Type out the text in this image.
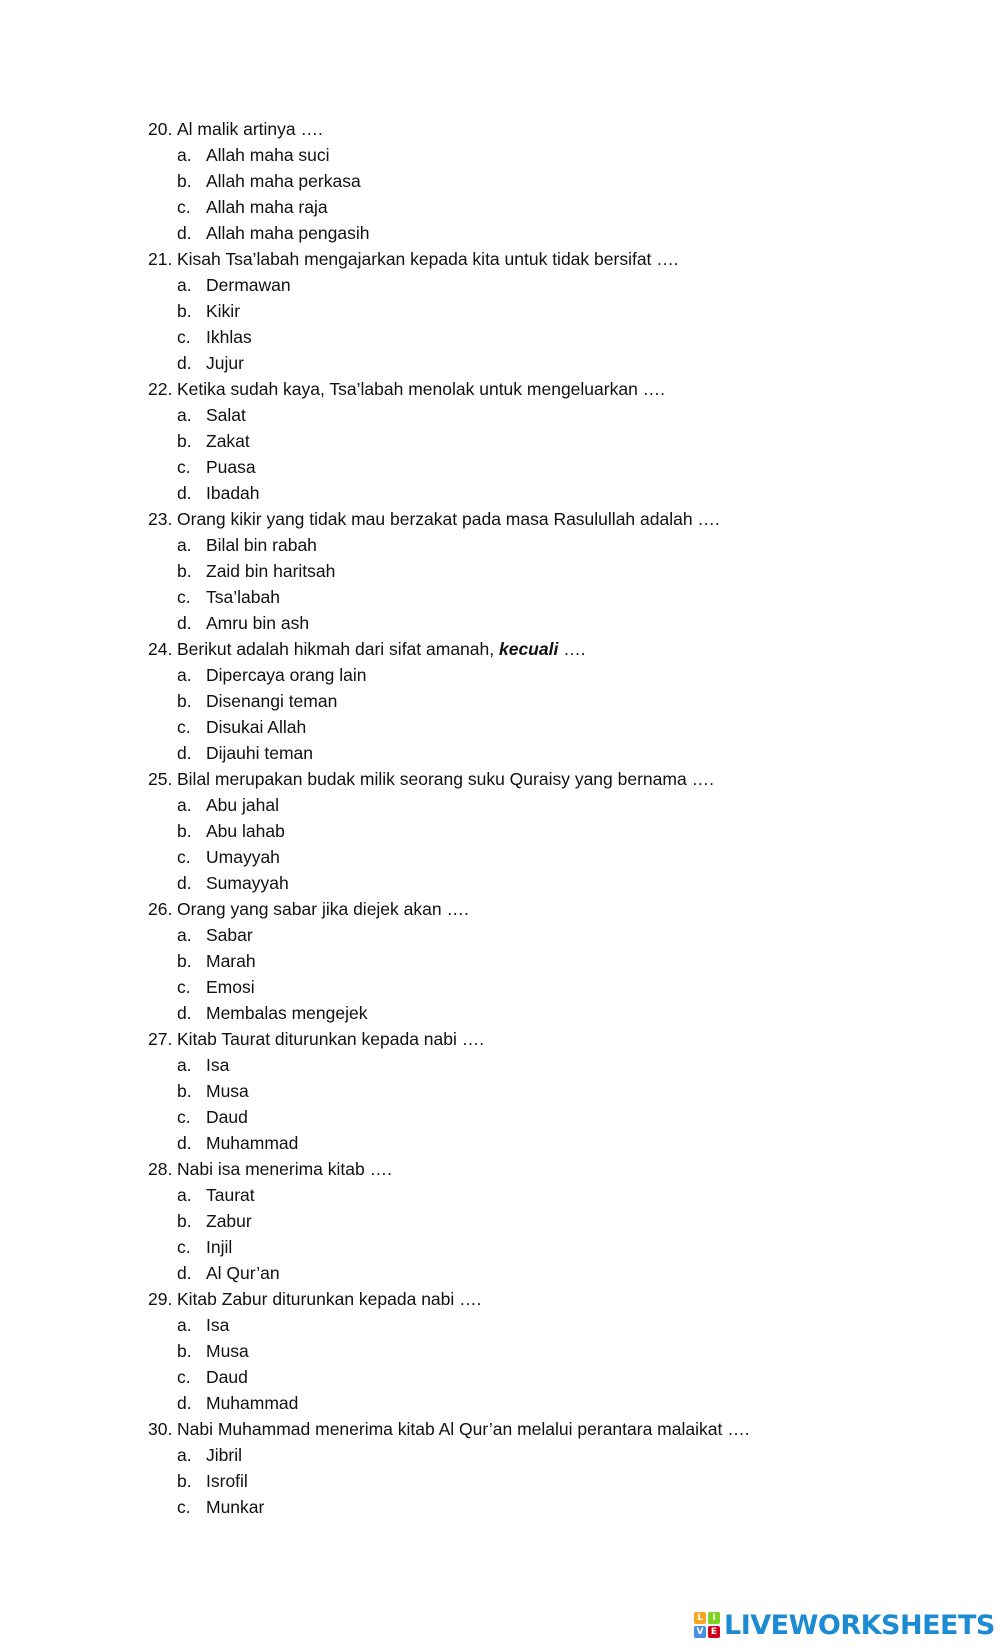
20. Al malik artinya ….
a. Allah maha suci
b. Allah maha perkasa
c. Allah maha raja
d. Allah maha pengasih
21. Kisah Tsa’labah mengajarkan kepada kita untuk tidak bersifat ….
a. Dermawan
b. Kikir
c. Ikhlas
d. Jujur
22. Ketika sudah kaya, Tsa’labah menolak untuk mengeluarkan ….
a. Salat
b. Zakat
c. Puasa
d. Ibadah
23. Orang kikir yang tidak mau berzakat pada masa Rasulullah adalah ….
a. Bilal bin rabah
b. Zaid bin haritsah
c. Tsa’labah
d. Amru bin ash
24. Berikut adalah hikmah dari sifat amanah, kecuali ….
a. Dipercaya orang lain
b. Disenangi teman
c. Disukai Allah
d. Dijauhi teman
25. Bilal merupakan budak milik seorang suku Quraisy yang bernama ….
a. Abu jahal
b. Abu lahab
c. Umayyah
d. Sumayyah
26. Orang yang sabar jika diejek akan ….
a. Sabar
b. Marah
c. Emosi
d. Membalas mengejek
27. Kitab Taurat diturunkan kepada nabi ….
a. Isa
b. Musa
c. Daud
d. Muhammad
28. Nabi isa menerima kitab ….
a. Taurat
b. Zabur
c. Injil
d. Al Qur’an
29. Kitab Zabur diturunkan kepada nabi ….
a. Isa
b. Musa
c. Daud
d. Muhammad
30. Nabi Muhammad menerima kitab Al Qur’an melalui perantara malaikat ….
a. Jibril
b. Isrofil
c. Munkar
L	I
V E LIVEWORKSHEETS
